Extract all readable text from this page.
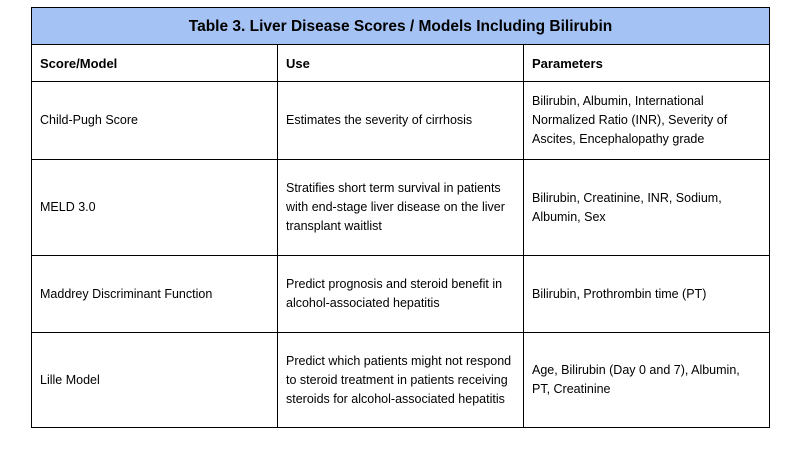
Table 3. Liver Disease Scores / Models Including Bilirubin		
Score/Model	Use	Parameters
Child-Pugh Score	Estimates the severity of cirrhosis	Bilirubin, Albumin, International Normalized Ratio (INR), Severity of Ascites, Encephalopathy grade
MELD 3.0	Stratifies short term survival in patients with end-stage liver disease on the liver transplant waitlist	Bilirubin, Creatinine, INR, Sodium, Albumin, Sex
Maddrey Discriminant Function	Predict prognosis and steroid benefit in alcohol-associated hepatitis	Bilirubin, Prothrombin time (PT)
Lille Model	Predict which patients might not respond to steroid treatment in patients receiving steroids for alcohol-associated hepatitis	Age, Bilirubin (Day 0 and 7), Albumin, PT, Creatinine
